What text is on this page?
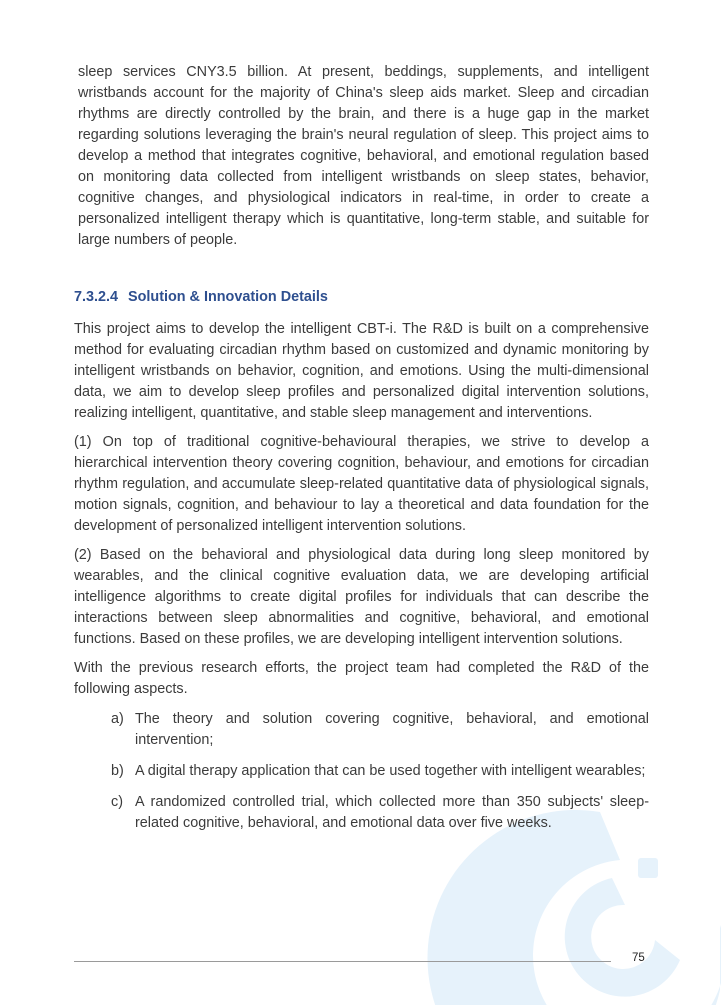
sleep services CNY3.5 billion. At present, beddings, supplements, and intelligent wristbands account for the majority of China's sleep aids market. Sleep and circadian rhythms are directly controlled by the brain, and there is a huge gap in the market regarding solutions leveraging the brain's neural regulation of sleep. This project aims to develop a method that integrates cognitive, behavioral, and emotional regulation based on monitoring data collected from intelligent wristbands on sleep states, behavior, cognitive changes, and physiological indicators in real-time, in order to create a personalized intelligent therapy which is quantitative, long-term stable, and suitable for large numbers of people.

7.3.2.4 Solution & Innovation Details

This project aims to develop the intelligent CBT-i. The R&D is built on a comprehensive method for evaluating circadian rhythm based on customized and dynamic monitoring by intelligent wristbands on behavior, cognition, and emotions. Using the multi-dimensional data, we aim to develop sleep profiles and personalized digital intervention solutions, realizing intelligent, quantitative, and stable sleep management and interventions.

(1) On top of traditional cognitive-behavioural therapies, we strive to develop a hierarchical intervention theory covering cognition, behaviour, and emotions for circadian rhythm regulation, and accumulate sleep-related quantitative data of physiological signals, motion signals, cognition, and behaviour to lay a theoretical and data foundation for the development of personalized intelligent intervention solutions.

(2) Based on the behavioral and physiological data during long sleep monitored by wearables, and the clinical cognitive evaluation data, we are developing artificial intelligence algorithms to create digital profiles for individuals that can describe the interactions between sleep abnormalities and cognitive, behavioral, and emotional functions. Based on these profiles, we are developing intelligent intervention solutions.

With the previous research efforts, the project team had completed the R&D of the following aspects.

a) The theory and solution covering cognitive, behavioral, and emotional intervention;
b) A digital therapy application that can be used together with intelligent wearables;
c) A randomized controlled trial, which collected more than 350 subjects' sleep-related cognitive, behavioral, and emotional data over five weeks.
75
